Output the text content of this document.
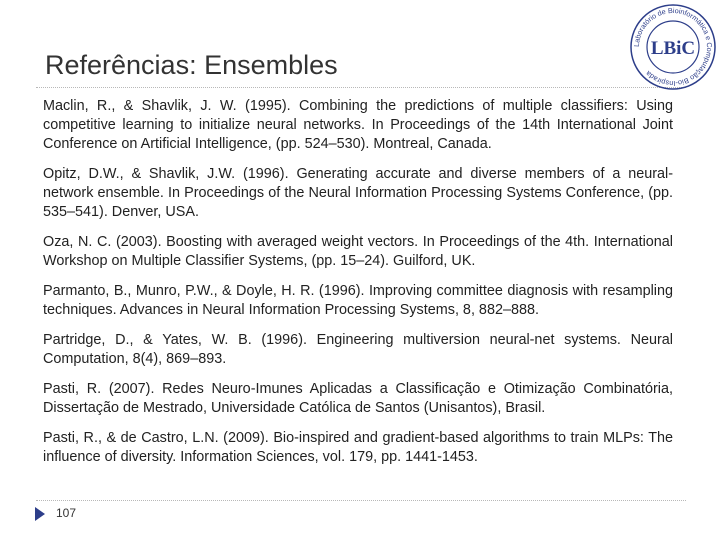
Referências: Ensembles
Laboratório de Bioinformática e Computação Bio-Inspirada
LBiC

Maclin, R., & Shavlik, J. W. (1995). Combining the predictions of multiple classifiers: Using competitive learning to initialize neural networks. In Proceedings of the 14th International Joint Conference on Artificial Intelligence, (pp. 524–530). Montreal, Canada.

Opitz, D.W., & Shavlik, J.W. (1996). Generating accurate and diverse members of a neural-network ensemble. In Proceedings of the Neural Information Processing Systems Conference, (pp. 535–541). Denver, USA.

Oza, N. C. (2003). Boosting with averaged weight vectors. In Proceedings of the 4th. International Workshop on Multiple Classifier Systems, (pp. 15–24). Guilford, UK.

Parmanto, B., Munro, P.W., & Doyle, H. R. (1996). Improving committee diagnosis with resampling techniques. Advances in Neural Information Processing Systems, 8, 882–888.

Partridge, D., & Yates, W. B. (1996). Engineering multiversion neural-net systems. Neural Computation, 8(4), 869–893.

Pasti, R. (2007). Redes Neuro-Imunes Aplicadas a Classificação e Otimização Combinatória, Dissertação de Mestrado, Universidade Católica de Santos (Unisantos), Brasil.

Pasti, R., & de Castro, L.N. (2009). Bio-inspired and gradient-based algorithms to train MLPs: The influence of diversity. Information Sciences, vol. 179, pp. 1441-1453.

107
